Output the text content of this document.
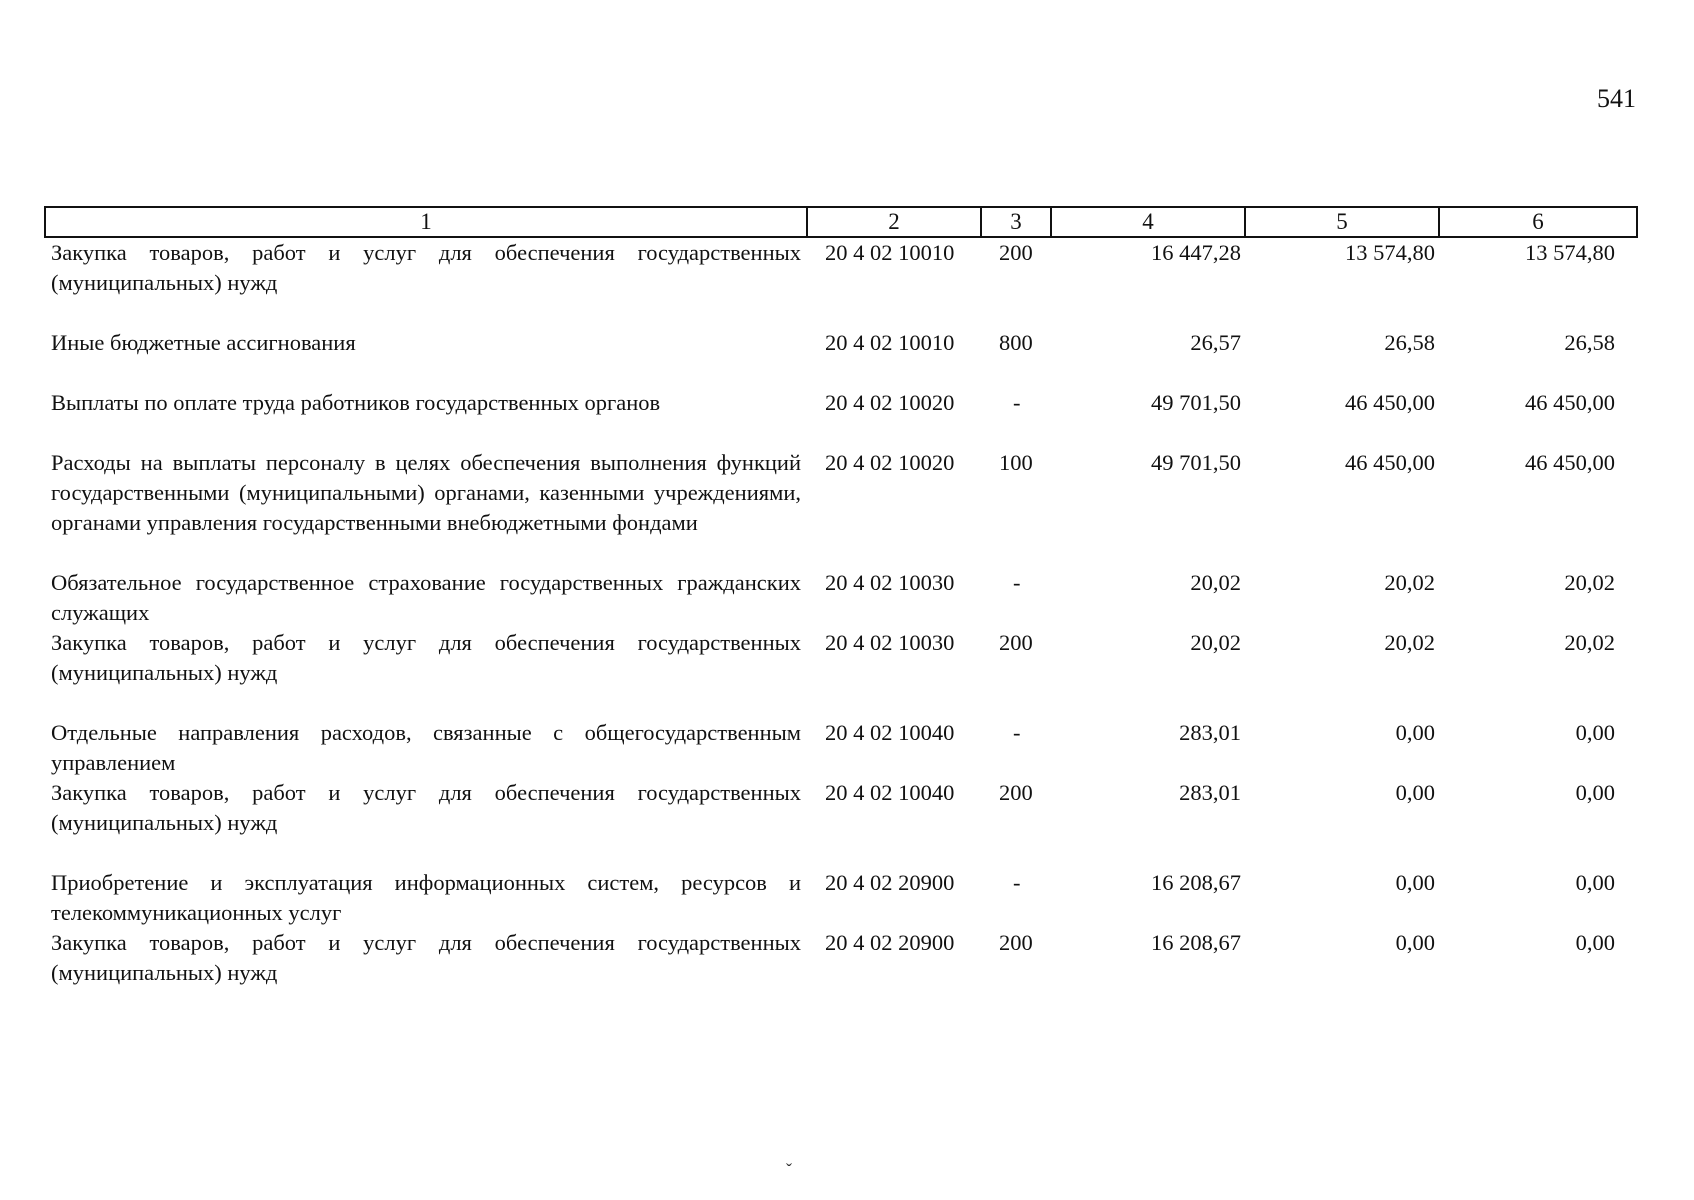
541
1	2	3	4	5	6
Закупка товаров, работ и услуг для обеспечения государственных (муниципальных) нужд	20 4 02 10010	200	16 447,28	13 574,80	13 574,80
Иные бюджетные ассигнования	20 4 02 10010	800	26,57	26,58	26,58
Выплаты по оплате труда работников государственных органов	20 4 02 10020	-	49 701,50	46 450,00	46 450,00
Расходы на выплаты персоналу в целях обеспечения выполнения функций государственными (муниципальными) органами, казенными учреждениями, органами управления государственными внебюджетными фондами	20 4 02 10020	100	49 701,50	46 450,00	46 450,00
Обязательное государственное страхование государственных гражданских служащих	20 4 02 10030	-	20,02	20,02	20,02
Закупка товаров, работ и услуг для обеспечения государственных (муниципальных) нужд	20 4 02 10030	200	20,02	20,02	20,02
Отдельные направления расходов, связанные с общегосударственным управлением	20 4 02 10040	-	283,01	0,00	0,00
Закупка товаров, работ и услуг для обеспечения государственных (муниципальных) нужд	20 4 02 10040	200	283,01	0,00	0,00
Приобретение и эксплуатация информационных систем, ресурсов и телекоммуникационных услуг	20 4 02 20900	-	16 208,67	0,00	0,00
Закупка товаров, работ и услуг для обеспечения государственных (муниципальных) нужд	20 4 02 20900	200	16 208,67	0,00	0,00
ˇ
